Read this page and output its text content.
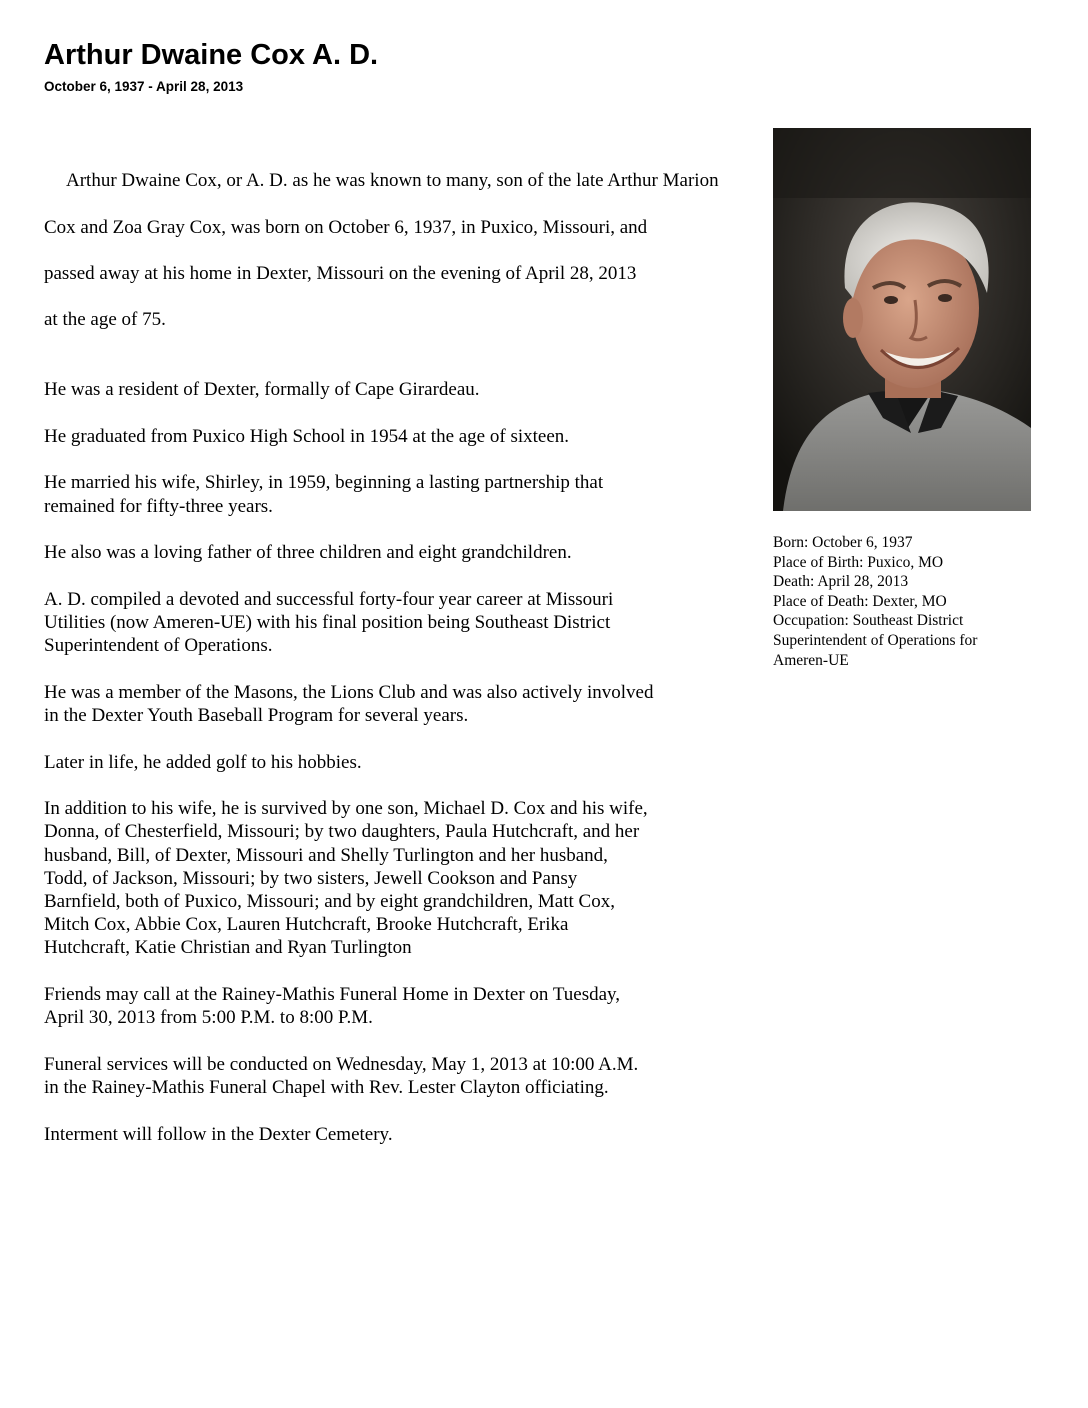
Arthur Dwaine Cox A. D.
October 6, 1937 - April 28, 2013

Arthur Dwaine Cox, or A. D. as he was known to many, son of the late Arthur Marion

Cox and Zoa Gray Cox, was born on October 6, 1937, in Puxico, Missouri, and

passed away at his home in Dexter, Missouri on the evening of April 28, 2013

at the age of 75.

He was a resident of Dexter, formally of Cape Girardeau.

He graduated from Puxico High School in 1954 at the age of sixteen.

He married his wife, Shirley, in 1959, beginning a lasting partnership that
remained for fifty-three years.

He also was a loving father of three children and eight grandchildren.

A. D. compiled a devoted and successful forty-four year career at Missouri
Utilities (now Ameren-UE) with his final position being Southeast District
Superintendent of Operations.

He was a member of the Masons, the Lions Club and was also actively involved
in the Dexter Youth Baseball Program for several years.

Later in life, he added golf to his hobbies.

In addition to his wife, he is survived by one son, Michael D. Cox and his wife,
Donna, of Chesterfield, Missouri; by two daughters, Paula Hutchcraft, and her
husband, Bill, of Dexter, Missouri and Shelly Turlington and her husband,
Todd, of Jackson, Missouri; by two sisters, Jewell Cookson and Pansy
Barnfield, both of Puxico, Missouri; and by eight grandchildren, Matt Cox,
Mitch Cox, Abbie Cox, Lauren Hutchcraft, Brooke Hutchcraft, Erika
Hutchcraft, Katie Christian and Ryan Turlington

Friends may call at the Rainey-Mathis Funeral Home in Dexter on Tuesday,
April 30, 2013 from 5:00 P.M. to 8:00 P.M.

Funeral services will be conducted on Wednesday, May 1, 2013 at 10:00 A.M.
in the Rainey-Mathis Funeral Chapel with Rev. Lester Clayton officiating.

Interment will follow in the Dexter Cemetery.

Born: October 6, 1937
Place of Birth: Puxico, MO
Death: April 28, 2013
Place of Death: Dexter, MO
Occupation: Southeast District
Superintendent of Operations for
Ameren-UE
